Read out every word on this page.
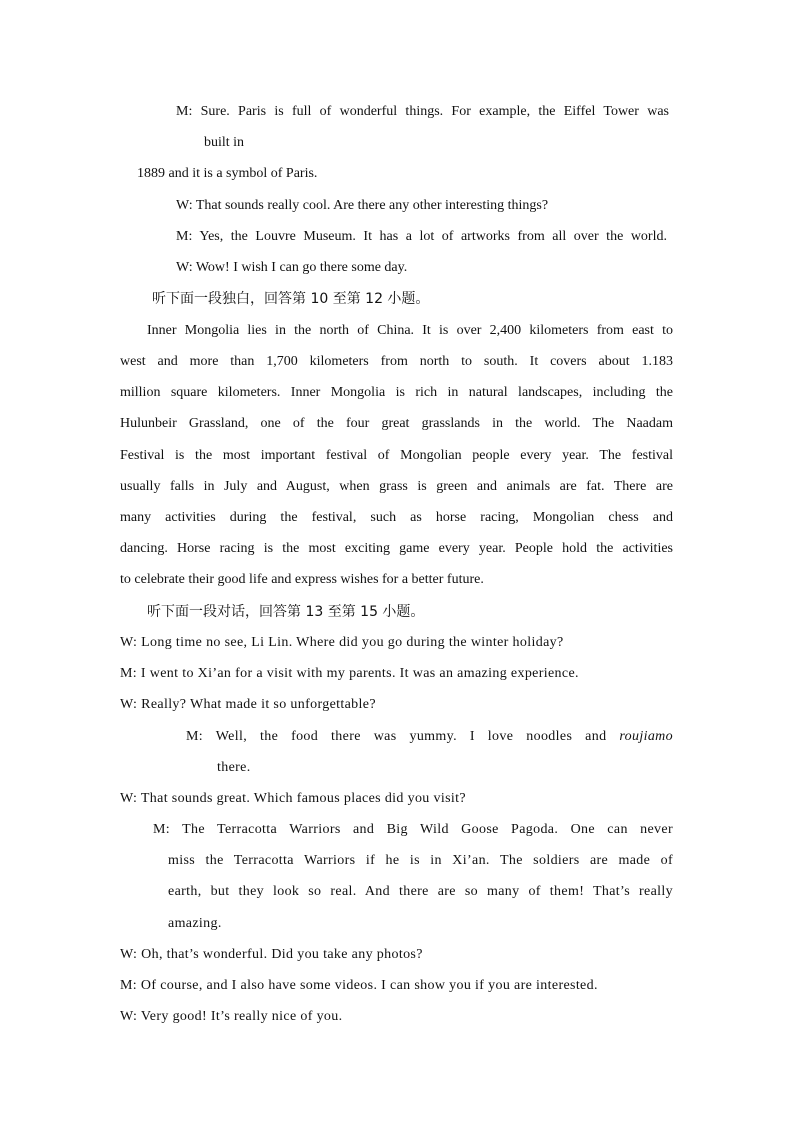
M: Sure. Paris is full of wonderful things. For example, the Eiffel Tower was
built in
1889 and it is a symbol of Paris.
W: That sounds really cool. Are there any other interesting things?
M: Yes, the Louvre Museum. It has a lot of artworks from all over the world.
W: Wow! I wish I can go there some day.
听下面一段独白，回答第 10 至第 12 小题。
Inner Mongolia lies in the north of China. It is over 2,400 kilometers from east to
west and more than 1,700 kilometers from north to south. It covers about 1.183
million square kilometers. Inner Mongolia is rich in natural landscapes, including the
Hulunbeir Grassland, one of the four great grasslands in the world. The Naadam
Festival is the most important festival of Mongolian people every year. The festival
usually falls in July and August, when grass is green and animals are fat. There are
many activities during the festival, such as horse racing, Mongolian chess and
dancing. Horse racing is the most exciting game every year. People hold the activities
to celebrate their good life and express wishes for a better future.
听下面一段对话，回答第 13 至第 15 小题。
W: Long time no see, Li Lin. Where did you go during the winter holiday?
M: I went to Xi’an for a visit with my parents. It was an amazing experience.
W: Really? What made it so unforgettable?
M: Well, the food there was yummy. I love noodles and roujiamo
there.
W: That sounds great. Which famous places did you visit?
M: The Terracotta Warriors and Big Wild Goose Pagoda. One can never
miss the Terracotta Warriors if he is in Xi’an. The soldiers are made of
earth, but they look so real. And there are so many of them! That’s really
amazing.
W: Oh, that’s wonderful. Did you take any photos?
M: Of course, and I also have some videos. I can show you if you are interested.
W: Very good! It’s really nice of you.
